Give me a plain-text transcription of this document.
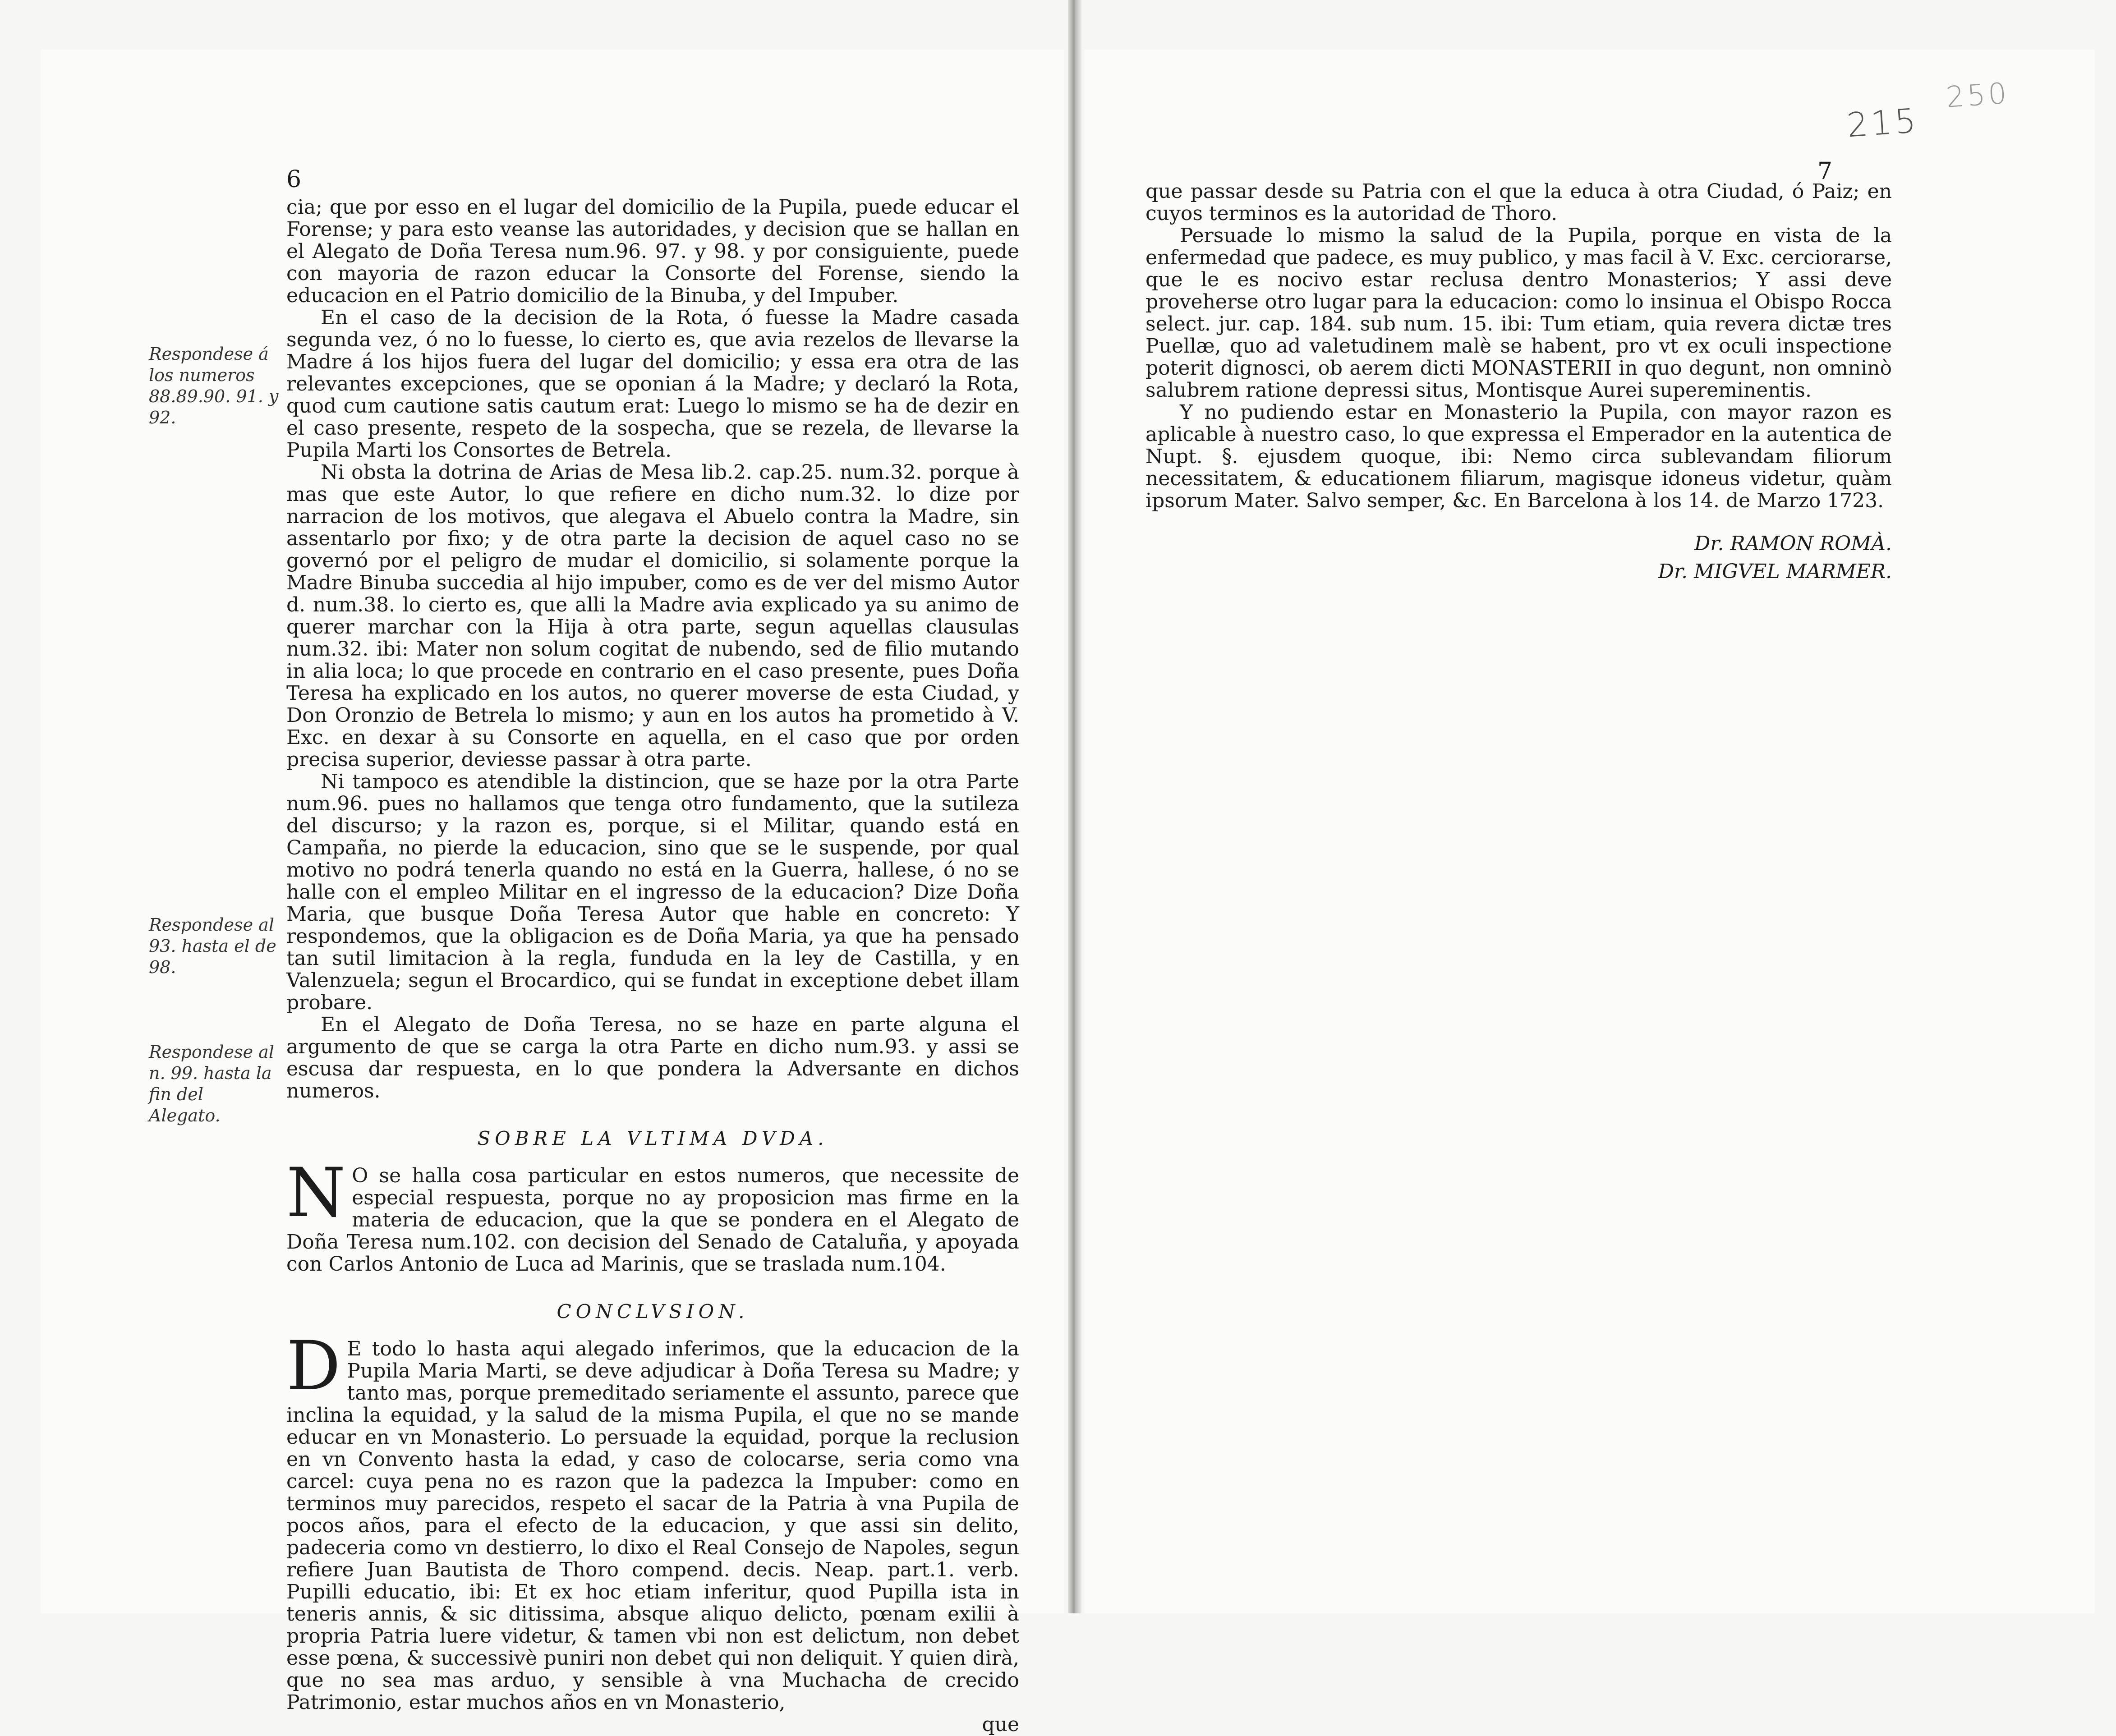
6
Respondese á los numeros 88.89.90. 91. y 92.
Respondese al 93. hasta el de 98.
Respondese al n. 99. hasta la fin del Alegato.

cia; que por esso en el lugar del domicilio de la Pupila, puede educar el Forense; y para esto veanse las autoridades, y decision que se hallan en el Alegato de Doña Teresa num.96. 97. y 98. y por consiguiente, puede con mayoria de razon educar la Consorte del Forense, siendo la educacion en el Patrio domicilio de la Binuba, y del Impuber.

En el caso de la decision de la Rota, ó fuesse la Madre casada segunda vez, ó no lo fuesse, lo cierto es, que avia rezelos de llevarse la Madre á los hijos fuera del lugar del domicilio; y essa era otra de las relevantes excepciones, que se oponian á la Madre; y declaró la Rota, quod cum cautione satis cautum erat: Luego lo mismo se ha de dezir en el caso presente, respeto de la sospecha, que se rezela, de llevarse la Pupila Marti los Consortes de Betrela.

Ni obsta la dotrina de Arias de Mesa lib.2. cap.25. num.32. porque à mas que este Autor, lo que refiere en dicho num.32. lo dize por narracion de los motivos, que alegava el Abuelo contra la Madre, sin assentarlo por fixo; y de otra parte la decision de aquel caso no se governó por el peligro de mudar el domicilio, si solamente porque la Madre Binuba succedia al hijo impuber, como es de ver del mismo Autor d. num.38. lo cierto es, que alli la Madre avia explicado ya su animo de querer marchar con la Hija à otra parte, segun aquellas clausulas num.32. ibi: Mater non solum cogitat de nubendo, sed de filio mutando in alia loca; lo que procede en contrario en el caso presente, pues Doña Teresa ha explicado en los autos, no querer moverse de esta Ciudad, y Don Oronzio de Betrela lo mismo; y aun en los autos ha prometido à V. Exc. en dexar à su Consorte en aquella, en el caso que por orden precisa superior, deviesse passar à otra parte.

Ni tampoco es atendible la distincion, que se haze por la otra Parte num.96. pues no hallamos que tenga otro fundamento, que la sutileza del discurso; y la razon es, porque, si el Militar, quando está en Campaña, no pierde la educacion, sino que se le suspende, por qual motivo no podrá tenerla quando no está en la Guerra, hallese, ó no se halle con el empleo Militar en el ingresso de la educacion? Dize Doña Maria, que busque Doña Teresa Autor que hable en concreto: Y respondemos, que la obligacion es de Doña Maria, ya que ha pensado tan sutil limitacion à la regla, funduda en la ley de Castilla, y en Valenzuela; segun el Brocardico, qui se fundat in exceptione debet illam probare.

En el Alegato de Doña Teresa, no se haze en parte alguna el argumento de que se carga la otra Parte en dicho num.93. y assi se escusa dar respuesta, en lo que pondera la Adversante en dichos numeros.

SOBRE LA VLTIMA DVDA.

N O se halla cosa particular en estos numeros, que necessite de especial respuesta, porque no ay proposicion mas firme en la materia de educacion, que la que se pondera en el Alegato de Doña Teresa num.102. con decision del Senado de Cataluña, y apoyada con Carlos Antonio de Luca ad Marinis, que se traslada num.104.

CONCLVSION.

D E todo lo hasta aqui alegado inferimos, que la educacion de la Pupila Maria Marti, se deve adjudicar à Doña Teresa su Madre; y tanto mas, porque premeditado seriamente el assunto, parece que inclina la equidad, y la salud de la misma Pupila, el que no se mande educar en vn Monasterio. Lo persuade la equidad, porque la reclusion en vn Convento hasta la edad, y caso de colocarse, seria como vna carcel: cuya pena no es razon que la padezca la Impuber: como en terminos muy parecidos, respeto el sacar de la Patria à vna Pupila de pocos años, para el efecto de la educacion, y que assi sin delito, padeceria como vn destierro, lo dixo el Real Consejo de Napoles, segun refiere Juan Bautista de Thoro compend. decis. Neap. part.1. verb. Pupilli educatio, ibi: Et ex hoc etiam inferitur, quod Pupilla ista in teneris annis, & sic ditissima, absque aliquo delicto, pœnam exilii à propria Patria luere videtur, & tamen vbi non est delictum, non debet esse pœna, & successivè puniri non debet qui non deliquit. Y quien dirà, que no sea mas arduo, y sensible à vna Muchacha de crecido Patrimonio, estar muchos años en vn Monasterio,

que

215
250
7

que passar desde su Patria con el que la educa à otra Ciudad, ó Paiz; en cuyos terminos es la autoridad de Thoro.

Persuade lo mismo la salud de la Pupila, porque en vista de la enfermedad que padece, es muy publico, y mas facil à V. Exc. cerciorarse, que le es nocivo estar reclusa dentro Monasterios; Y assi deve proveherse otro lugar para la educacion: como lo insinua el Obispo Rocca select. jur. cap. 184. sub num. 15. ibi: Tum etiam, quia revera dictæ tres Puellæ, quo ad valetudinem malè se habent, pro vt ex oculi inspectione poterit dignosci, ob aerem dicti MONASTERII in quo degunt, non omninò salubrem ratione depressi situs, Montisque Aurei supereminentis.

Y no pudiendo estar en Monasterio la Pupila, con mayor razon es aplicable à nuestro caso, lo que expressa el Emperador en la autentica de Nupt. §. ejusdem quoque, ibi: Nemo circa sublevandam filiorum necessitatem, & educationem filiarum, magisque idoneus videtur, quàm ipsorum Mater. Salvo semper, &c. En Barcelona à los 14. de Marzo 1723.

Dr. RAMON ROMÀ.

Dr. MIGVEL MARMER.
